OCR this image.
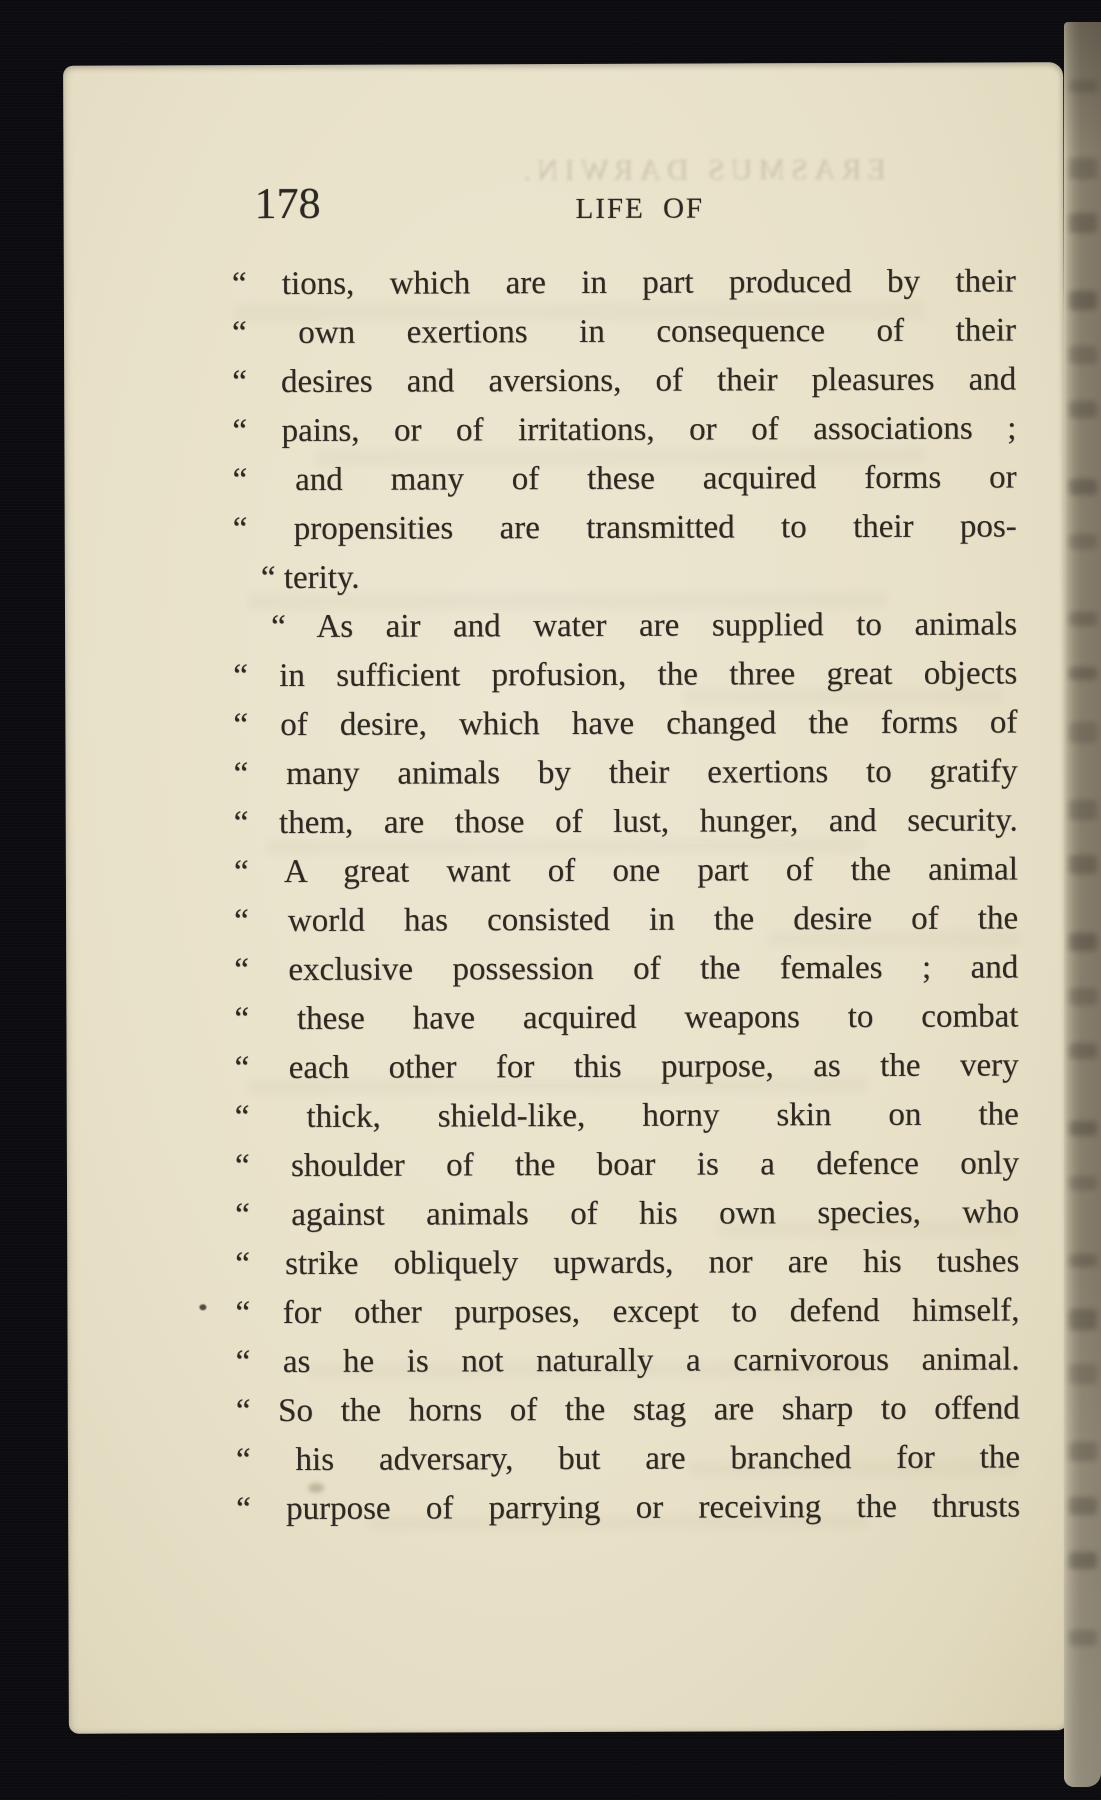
ERASMUS DARWIN.
178	LIFE OF
“ tions, which are in part produced by their
“ own exertions in consequence of their
“ desires and aversions, of their pleasures and
“ pains, or of irritations, or of associations ;
“ and many of these acquired forms or
“ propensities are transmitted to their pos-
“ terity.
“ As air and water are supplied to animals
“ in sufficient profusion, the three great objects
“ of desire, which have changed the forms of
“ many animals by their exertions to gratify
“ them, are those of lust, hunger, and security.
“ A great want of one part of the animal
“ world has consisted in the desire of the
“ exclusive possession of the females ; and
“ these have acquired weapons to combat
“ each other for this purpose, as the very
“ thick, shield-like, horny skin on the
“ shoulder of the boar is a defence only
“ against animals of his own species, who
“ strike obliquely upwards, nor are his tushes
“ for other purposes, except to defend himself,
“ as he is not naturally a carnivorous animal.
“ So the horns of the stag are sharp to offend
“ his adversary, but are branched for the
“ purpose of parrying or receiving the thrusts
